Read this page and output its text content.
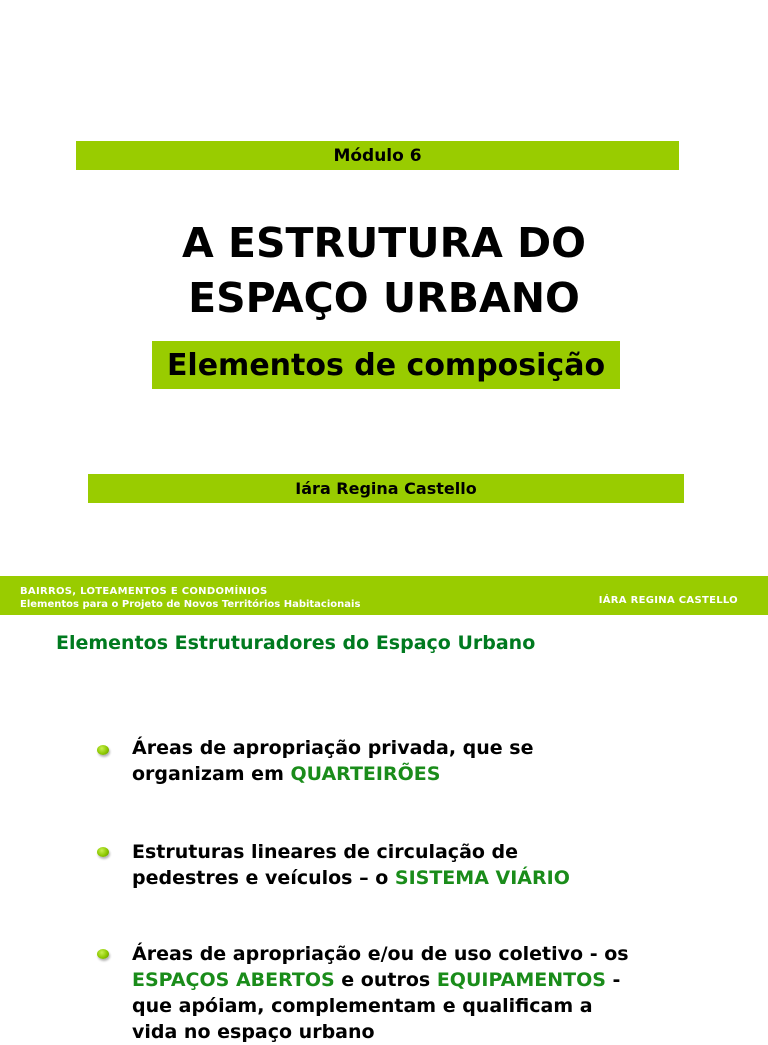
Módulo 6
A ESTRUTURA DO
ESPAÇO URBANO
Elementos de composição
Iára Regina Castello
BAIRROS, LOTEAMENTOS E CONDOMÍNIOS
Elementos para o Projeto de Novos Territórios Habitacionais	IÁRA REGINA CASTELLO
Elementos Estruturadores do Espaço Urbano
Áreas de apropriação privada, que se
organizam em QUARTEIRÕES
Estruturas lineares de circulação de
pedestres e veículos – o SISTEMA VIÁRIO
Áreas de apropriação e/ou de uso coletivo - os
ESPAÇOS ABERTOS e outros EQUIPAMENTOS -
que apóiam, complementam e qualificam a
vida no espaço urbano
